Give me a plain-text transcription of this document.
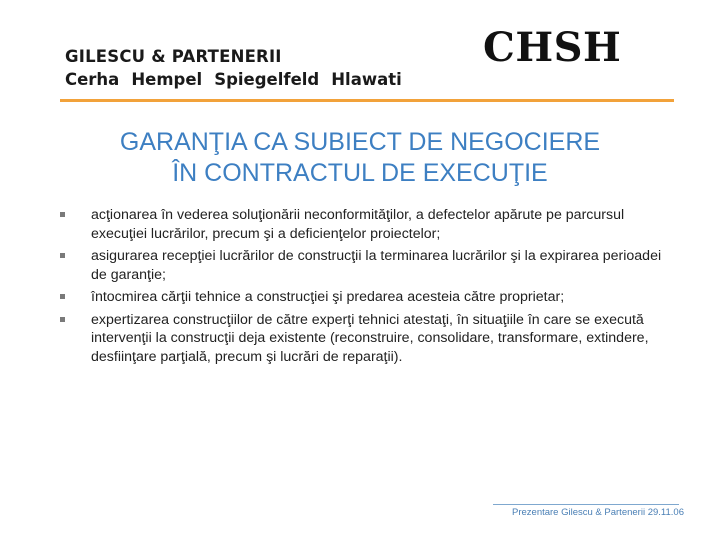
GILESCU & PARTENERII
Cerha Hempel Spiegelfeld Hlawati
CHSH
GARANŢIA CA SUBIECT DE NEGOCIERE
ÎN CONTRACTUL DE EXECUŢIE
acţionarea în vederea soluţionării neconformităţilor, a defectelor apărute pe parcursul execuţiei lucrărilor, precum şi a deficienţelor proiectelor;
asigurarea recepţiei lucrărilor de construcţii la terminarea lucrărilor şi la expirarea perioadei de garanţie;
întocmirea cărţii tehnice a construcţiei şi predarea acesteia către proprietar;
expertizarea construcţiilor de către experţi tehnici atestaţi, în situaţiile în care se execută intervenţii la construcţii deja existente (reconstruire, consolidare, transformare, extindere, desfiinţare parţială, precum şi lucrări de reparaţii).
Prezentare Gilescu & Partenerii 29.11.06
